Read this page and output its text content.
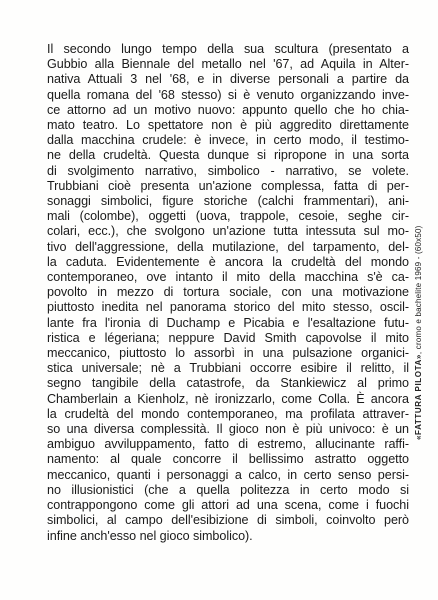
Il secondo lungo tempo della sua scultura (presentato a
Gubbio alla Biennale del metallo nel '67, ad Aquila in Alter-
nativa Attuali 3 nel '68, e in diverse personali a partire da
quella romana del '68 stesso) si è venuto organizzando inve-
ce attorno ad un motivo nuovo: appunto quello che ho chia-
mato teatro. Lo spettatore non è più aggredito direttamente
dalla macchina crudele: è invece, in certo modo, il testimo-
ne della crudeltà. Questa dunque si ripropone in una sorta
di svolgimento narrativo, simbolico - narrativo, se volete.
Trubbiani cioè presenta un'azione complessa, fatta di per-
sonaggi simbolici, figure storiche (calchi frammentari), ani-
mali (colombe), oggetti (uova, trappole, cesoie, seghe cir-
colari, ecc.), che svolgono un'azione tutta intessuta sul mo-
tivo dell'aggressione, della mutilazione, del tarpamento, del-
la caduta. Evidentemente è ancora la crudeltà del mondo
contemporaneo, ove intanto il mito della macchina s'è ca-
povolto in mezzo di tortura sociale, con una motivazione
piuttosto inedita nel panorama storico del mito stesso, oscil-
lante fra l'ironia di Duchamp e Picabia e l'esaltazione futu-
ristica e légeriana; neppure David Smith capovolse il mito
meccanico, piuttosto lo assorbì in una pulsazione organici-
stica universale; nè a Trubbiani occorre esibire il relitto, il
segno tangibile della catastrofe, da Stankiewicz al primo
Chamberlain a Kienholz, nè ironizzarlo, come Colla. È ancora
la crudeltà del mondo contemporaneo, ma profilata attraver-
so una diversa complessità. Il gioco non è più univoco: è un
ambiguo avviluppamento, fatto di estremo, allucinante raffi-
namento: al quale concorre il bellissimo astratto oggetto
meccanico, quanti i personaggi a calco, in certo senso persi-
no illusionistici (che a quella politezza in certo modo si
contrappongono come gli attori ad una scena, come i fuochi
simbolici, al campo dell'esibizione di simboli, coinvolto però
infine anch'esso nel gioco simbolico).
«FATTURA PILOTA», cromo e bachelite 1969 - (60x50)
